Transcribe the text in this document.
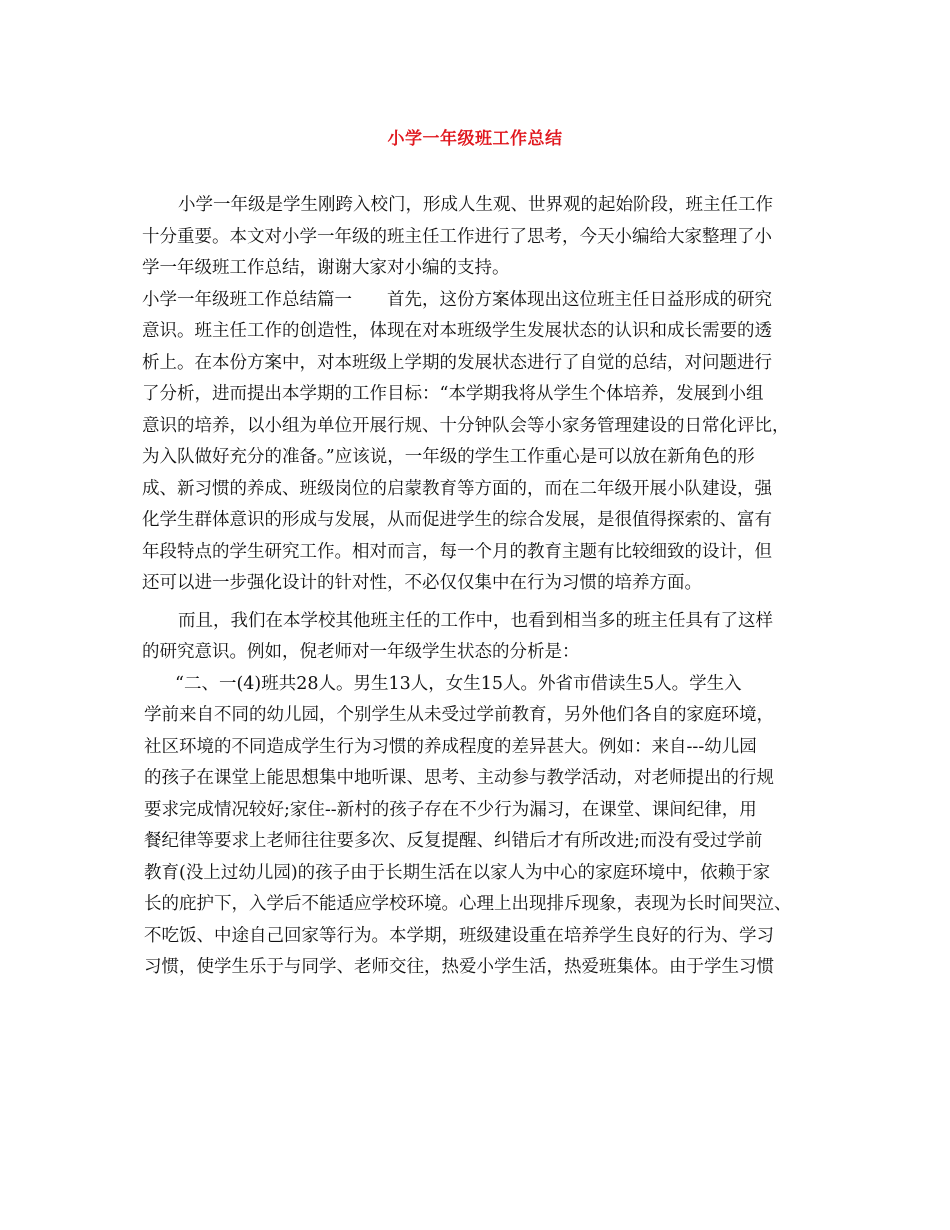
小学一年级班工作总结
小学一年级是学生刚跨入校门，形成人生观、世界观的起始阶段，班主任工作
十分重要。本文对小学一年级的班主任工作进行了思考，今天小编给大家整理了小
学一年级班工作总结，谢谢大家对小编的支持。
小学一年级班工作总结篇一　　首先，这份方案体现出这位班主任日益形成的研究
意识。班主任工作的创造性，体现在对本班级学生发展状态的认识和成长需要的透
析上。在本份方案中，对本班级上学期的发展状态进行了自觉的总结，对问题进行
了分析，进而提出本学期的工作目标：“本学期我将从学生个体培养，发展到小组
意识的培养，以小组为单位开展行规、十分钟队会等小家务管理建设的日常化评比，
为入队做好充分的准备。”应该说，一年级的学生工作重心是可以放在新角色的形
成、新习惯的养成、班级岗位的启蒙教育等方面的，而在二年级开展小队建设，强
化学生群体意识的形成与发展，从而促进学生的综合发展，是很值得探索的、富有
年段特点的学生研究工作。相对而言，每一个月的教育主题有比较细致的设计，但
还可以进一步强化设计的针对性，不必仅仅集中在行为习惯的培养方面。
而且，我们在本学校其他班主任的工作中，也看到相当多的班主任具有了这样
的研究意识。例如，倪老师对一年级学生状态的分析是：
“二、一(4)班共28人。男生13人，女生15人。外省市借读生5人。学生入
学前来自不同的幼儿园，个别学生从未受过学前教育，另外他们各自的家庭环境，
社区环境的不同造成学生行为习惯的养成程度的差异甚大。例如：来自---幼儿园
的孩子在课堂上能思想集中地听课、思考、主动参与教学活动，对老师提出的行规
要求完成情况较好;家住--新村的孩子存在不少行为漏习，在课堂、课间纪律，用
餐纪律等要求上老师往往要多次、反复提醒、纠错后才有所改进;而没有受过学前
教育(没上过幼儿园)的孩子由于长期生活在以家人为中心的家庭环境中，依赖于家
长的庇护下，入学后不能适应学校环境。心理上出现排斥现象，表现为长时间哭泣、
不吃饭、中途自己回家等行为。本学期，班级建设重在培养学生良好的行为、学习
习惯，使学生乐于与同学、老师交往，热爱小学生活，热爱班集体。由于学生习惯
